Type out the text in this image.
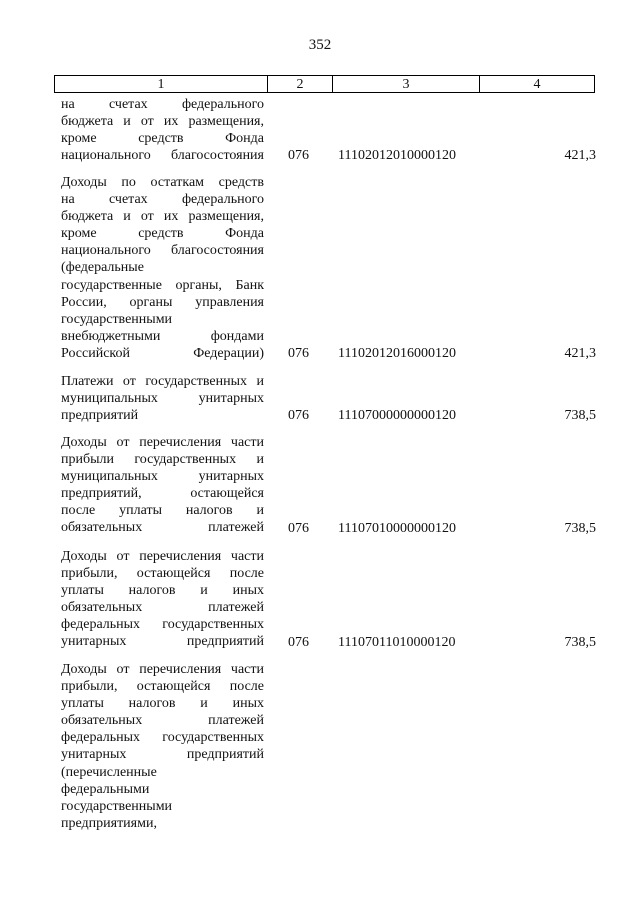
352
1	2	3	4
на счетах федерального
бюджета и от их размещения,
кроме средств Фонда
национального благосостояния 076 11102012010000120	421,3
Доходы по остаткам средств
на счетах федерального
бюджета и от их размещения,
кроме средств Фонда
национального благосостояния
(федеральные
государственные органы, Банк
России, органы управления
государственными
внебюджетными фондами
Российской Федерации) 076 11102012016000120	421,3
Платежи от государственных и
муниципальных унитарных
предприятий	076 11107000000000120	738,5
Доходы от перечисления части
прибыли государственных и
муниципальных унитарных
предприятий, остающейся
после уплаты налогов и
обязательных платежей 076 11107010000000120	738,5
Доходы от перечисления части
прибыли, остающейся после
уплаты налогов и иных
обязательных платежей
федеральных государственных
унитарных предприятий 076 11107011010000120	738,5
Доходы от перечисления части
прибыли, остающейся после
уплаты налогов и иных
обязательных платежей
федеральных государственных
унитарных предприятий
(перечисленные
федеральными
государственными
предприятиями,
